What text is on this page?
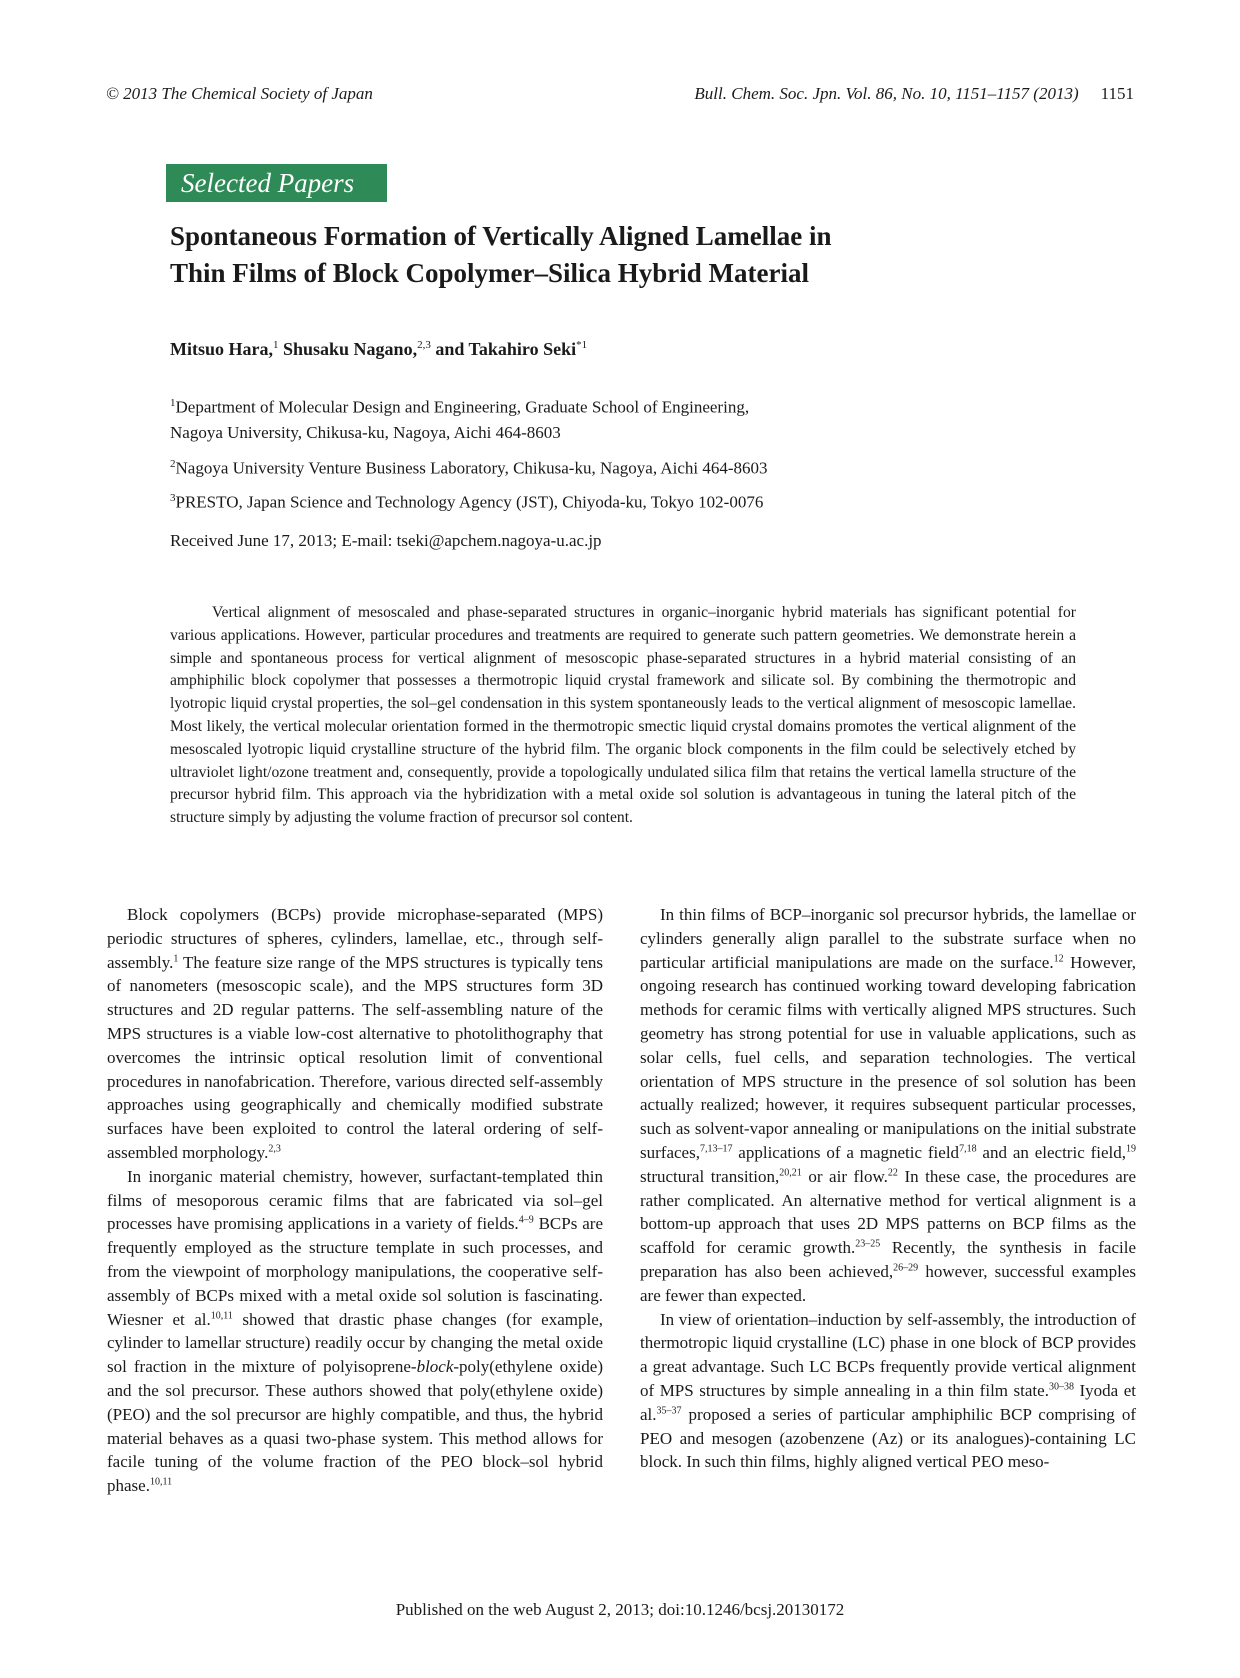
© 2013 The Chemical Society of Japan	Bull. Chem. Soc. Jpn. Vol. 86, No. 10, 1151–1157 (2013) 1151
Selected Papers
Spontaneous Formation of Vertically Aligned Lamellae in
Thin Films of Block Copolymer–Silica Hybrid Material
Mitsuo Hara,$^1$ Shusaku Nagano,$^{2,3}$ and Takahiro Seki$^{*1}$
$^1$Department of Molecular Design and Engineering, Graduate School of Engineering,
Nagoya University, Chikusa-ku, Nagoya, Aichi 464-8603
$^2$Nagoya University Venture Business Laboratory, Chikusa-ku, Nagoya, Aichi 464-8603
$^3$PRESTO, Japan Science and Technology Agency (JST), Chiyoda-ku, Tokyo 102-0076
Received June 17, 2013; E-mail: tseki@apchem.nagoya-u.ac.jp
Vertical alignment of mesoscaled and phase-separated structures in organic–inorganic hybrid materials has significant potential for various applications. However, particular procedures and treatments are required to generate such pattern geometries. We demonstrate herein a simple and spontaneous process for vertical alignment of mesoscopic phase-separated structures in a hybrid material consisting of an amphiphilic block copolymer that possesses a thermotropic liquid crystal framework and silicate sol. By combining the thermotropic and lyotropic liquid crystal properties, the sol–gel condensation in this system spontaneously leads to the vertical alignment of mesoscopic lamellae. Most likely, the vertical molecular orientation formed in the thermotropic smectic liquid crystal domains promotes the vertical alignment of the mesoscaled lyotropic liquid crystalline structure of the hybrid film. The organic block components in the film could be selectively etched by ultraviolet light/ozone treatment and, consequently, provide a topologically undulated silica film that retains the vertical lamella structure of the precursor hybrid film. This approach via the hybridization with a metal oxide sol solution is advantageous in tuning the lateral pitch of the structure simply by adjusting the volume fraction of precursor sol content.

Block copolymers (BCPs) provide microphase-separated (MPS) periodic structures of spheres, cylinders, lamellae, etc., through self-assembly.$^1$ The feature size range of the MPS structures is typically tens of nanometers (mesoscopic scale), and the MPS structures form 3D structures and 2D regular patterns. The self-assembling nature of the MPS structures is a viable low-cost alternative to photolithography that overcomes the intrinsic optical resolution limit of conventional procedures in nanofabrication. Therefore, various directed self-assembly approaches using geographically and chemically modified substrate surfaces have been exploited to control the lateral ordering of self-assembled morphology.$^{2,3}$

In inorganic material chemistry, however, surfactant-templated thin films of mesoporous ceramic films that are fabricated via sol–gel processes have promising applications in a variety of fields.$^{4-9}$ BCPs are frequently employed as the structure template in such processes, and from the viewpoint of morphology manipulations, the cooperative self-assembly of BCPs mixed with a metal oxide sol solution is fascinating. Wiesner et al.$^{10,11}$ showed that drastic phase changes (for example, cylinder to lamellar structure) readily occur by changing the metal oxide sol fraction in the mixture of polyisoprene-block-poly(ethylene oxide) and the sol precursor. These authors showed that poly(ethylene oxide) (PEO) and the sol precursor are highly compatible, and thus, the hybrid material behaves as a quasi two-phase system. This method allows for facile tuning of the volume fraction of the PEO block–sol hybrid phase.$^{10,11}$

In thin films of BCP–inorganic sol precursor hybrids, the lamellae or cylinders generally align parallel to the substrate surface when no particular artificial manipulations are made on the surface.$^{12}$ However, ongoing research has continued working toward developing fabrication methods for ceramic films with vertically aligned MPS structures. Such geometry has strong potential for use in valuable applications, such as solar cells, fuel cells, and separation technologies. The vertical orientation of MPS structure in the presence of sol solution has been actually realized; however, it requires subsequent particular processes, such as solvent-vapor annealing or manipulations on the initial substrate surfaces,$^{7,13-17}$ applications of a magnetic field$^{7,18}$ and an electric field,$^{19}$ structural transition,$^{20,21}$ or air flow.$^{22}$ In these case, the procedures are rather complicated. An alternative method for vertical alignment is a bottom-up approach that uses 2D MPS patterns on BCP films as the scaffold for ceramic growth.$^{23-25}$ Recently, the synthesis in facile preparation has also been achieved,$^{26-29}$ however, successful examples are fewer than expected.

In view of orientation–induction by self-assembly, the introduction of thermotropic liquid crystalline (LC) phase in one block of BCP provides a great advantage. Such LC BCPs frequently provide vertical alignment of MPS structures by simple annealing in a thin film state.$^{30-38}$ Iyoda et al.$^{35-37}$ proposed a series of particular amphiphilic BCP comprising of PEO and mesogen (azobenzene (Az) or its analogues)-containing LC block. In such thin films, highly aligned vertical PEO meso-

Published on the web August 2, 2013; doi:10.1246/bcsj.20130172
